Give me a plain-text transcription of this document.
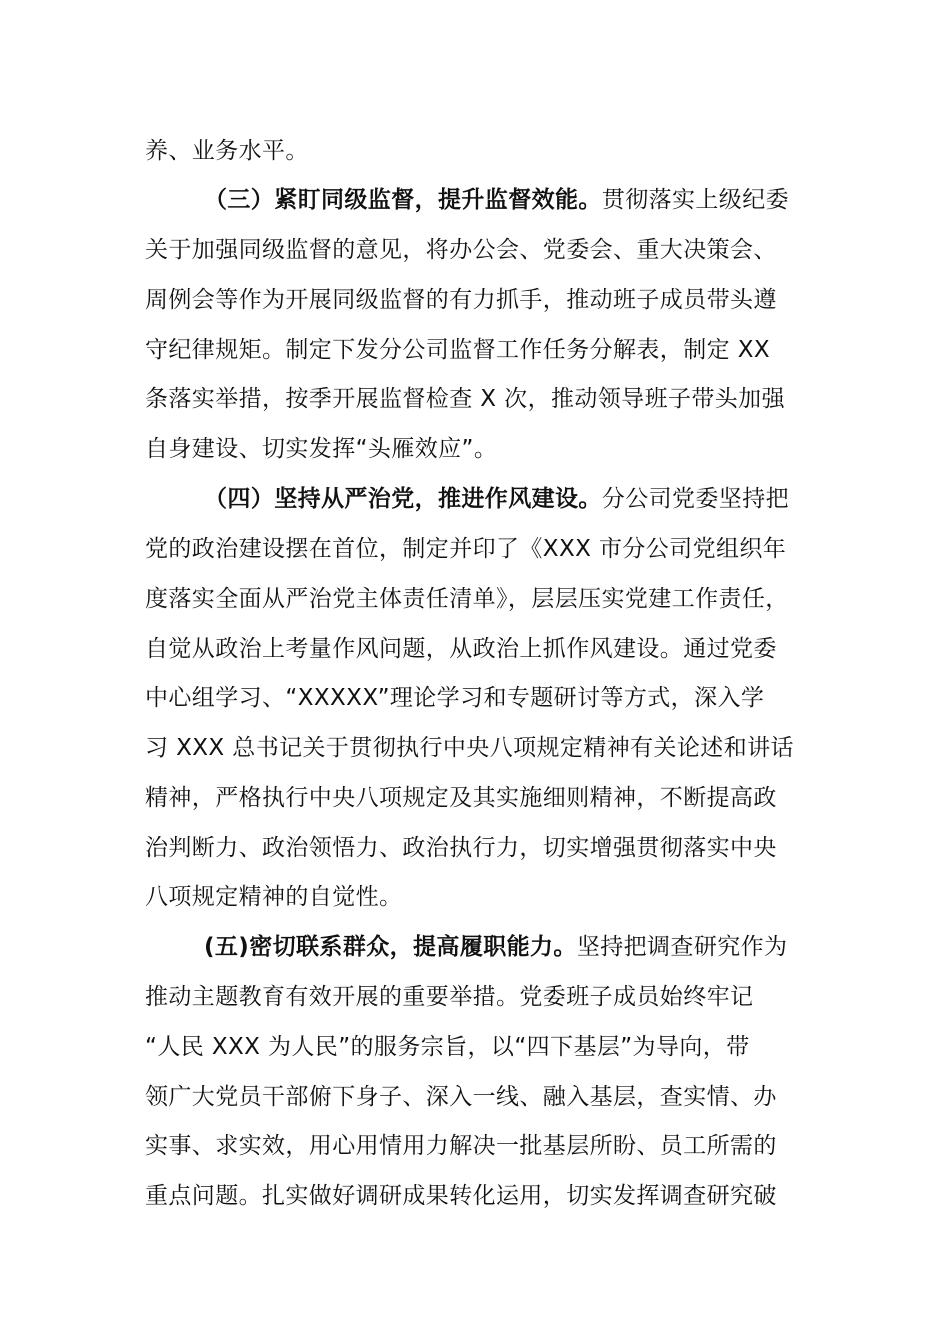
养、业务水平。
（三）紧盯同级监督，提升监督效能。贯彻落实上级纪委
关于加强同级监督的意见，将办公会、党委会、重大决策会、
周例会等作为开展同级监督的有力抓手，推动班子成员带头遵
守纪律规矩。制定下发分公司监督工作任务分解表，制定 XX
条落实举措，按季开展监督检查 X 次，推动领导班子带头加强
自身建设、切实发挥“头雁效应”。
（四）坚持从严治党，推进作风建设。分公司党委坚持把
党的政治建设摆在首位，制定并印了《XXX 市分公司党组织年
度落实全面从严治党主体责任清单》，层层压实党建工作责任，
自觉从政治上考量作风问题，从政治上抓作风建设。通过党委
中心组学习、“XXXXX”理论学习和专题研讨等方式，深入学
习 XXX 总书记关于贯彻执行中央八项规定精神有关论述和讲话
精神，严格执行中央八项规定及其实施细则精神，不断提高政
治判断力、政治领悟力、政治执行力，切实增强贯彻落实中央
八项规定精神的自觉性。
(五)密切联系群众，提高履职能力。坚持把调查研究作为
推动主题教育有效开展的重要举措。党委班子成员始终牢记
“人民 XXX 为人民”的服务宗旨，以“四下基层”为导向，带
领广大党员干部俯下身子、深入一线、融入基层，查实情、办
实事、求实效，用心用情用力解决一批基层所盼、员工所需的
重点问题。扎实做好调研成果转化运用，切实发挥调查研究破
